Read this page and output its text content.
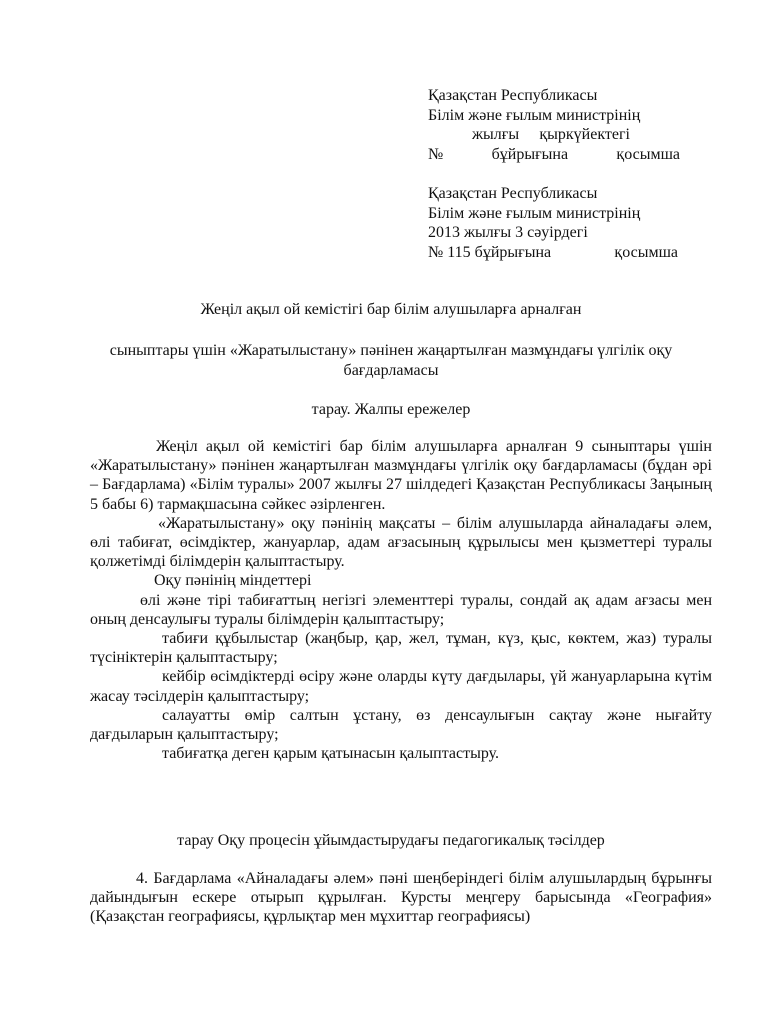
Қазақстан Республикасы
Білім және ғылым министрінің
жылғы қыркүйектегі
№	бұйрығына	қосымша
Қазақстан Республикасы
Білім және ғылым министрінің
2013 жылғы 3 сәуірдегі
№ 115 бұйрығына	қосымша
Жеңіл ақыл ой кемістігі бар білім алушыларға арналған
сыныптары үшін «Жаратылыстану» пәнінен жаңартылған мазмұндағы үлгілік оқу бағдарламасы
тарау. Жалпы ережелер

Жеңіл ақыл ой кемістігі бар білім алушыларға арналған 9 сыныптары үшін «Жаратылыстану» пәнінен жаңартылған мазмұндағы үлгілік оқу бағдарламасы (бұдан әрі – Бағдарлама) «Білім туралы» 2007 жылғы 27 шілдедегі Қазақстан Республикасы Заңының 5 бабы 6) тармақшасына сәйкес әзірленген.

«Жаратылыстану» оқу пәнінің мақсаты – білім алушыларда айналадағы әлем, өлі табиғат, өсімдіктер, жануарлар, адам ағзасының құрылысы мен қызметтері туралы қолжетімді білімдерін қалыптастыру.

Оқу пәнінің міндеттері

өлі және тірі табиғаттың негізгі элементтері туралы, сондай ақ адам ағзасы мен оның денсаулығы туралы білімдерін қалыптастыру;

табиғи құбылыстар (жаңбыр, қар, жел, тұман, күз, қыс, көктем, жаз) туралы түсініктерін қалыптастыру;

кейбір өсімдіктерді өсіру және оларды күту дағдылары, үй жануарларына күтім жасау тәсілдерін қалыптастыру;

салауатты өмір салтын ұстану, өз денсаулығын сақтау және нығайту дағдыларын қалыптастыру;

табиғатқа деген қарым қатынасын қалыптастыру.

тарау Оқу процесін ұйымдастырудағы педагогикалық тәсілдер

4. Бағдарлама «Айналадағы әлем» пәні шеңберіндегі білім алушылардың бұрынғы дайындығын ескере отырып құрылған. Курсты меңгеру барысында «География» (Қазақстан географиясы, құрлықтар мен мұхиттар географиясы)
